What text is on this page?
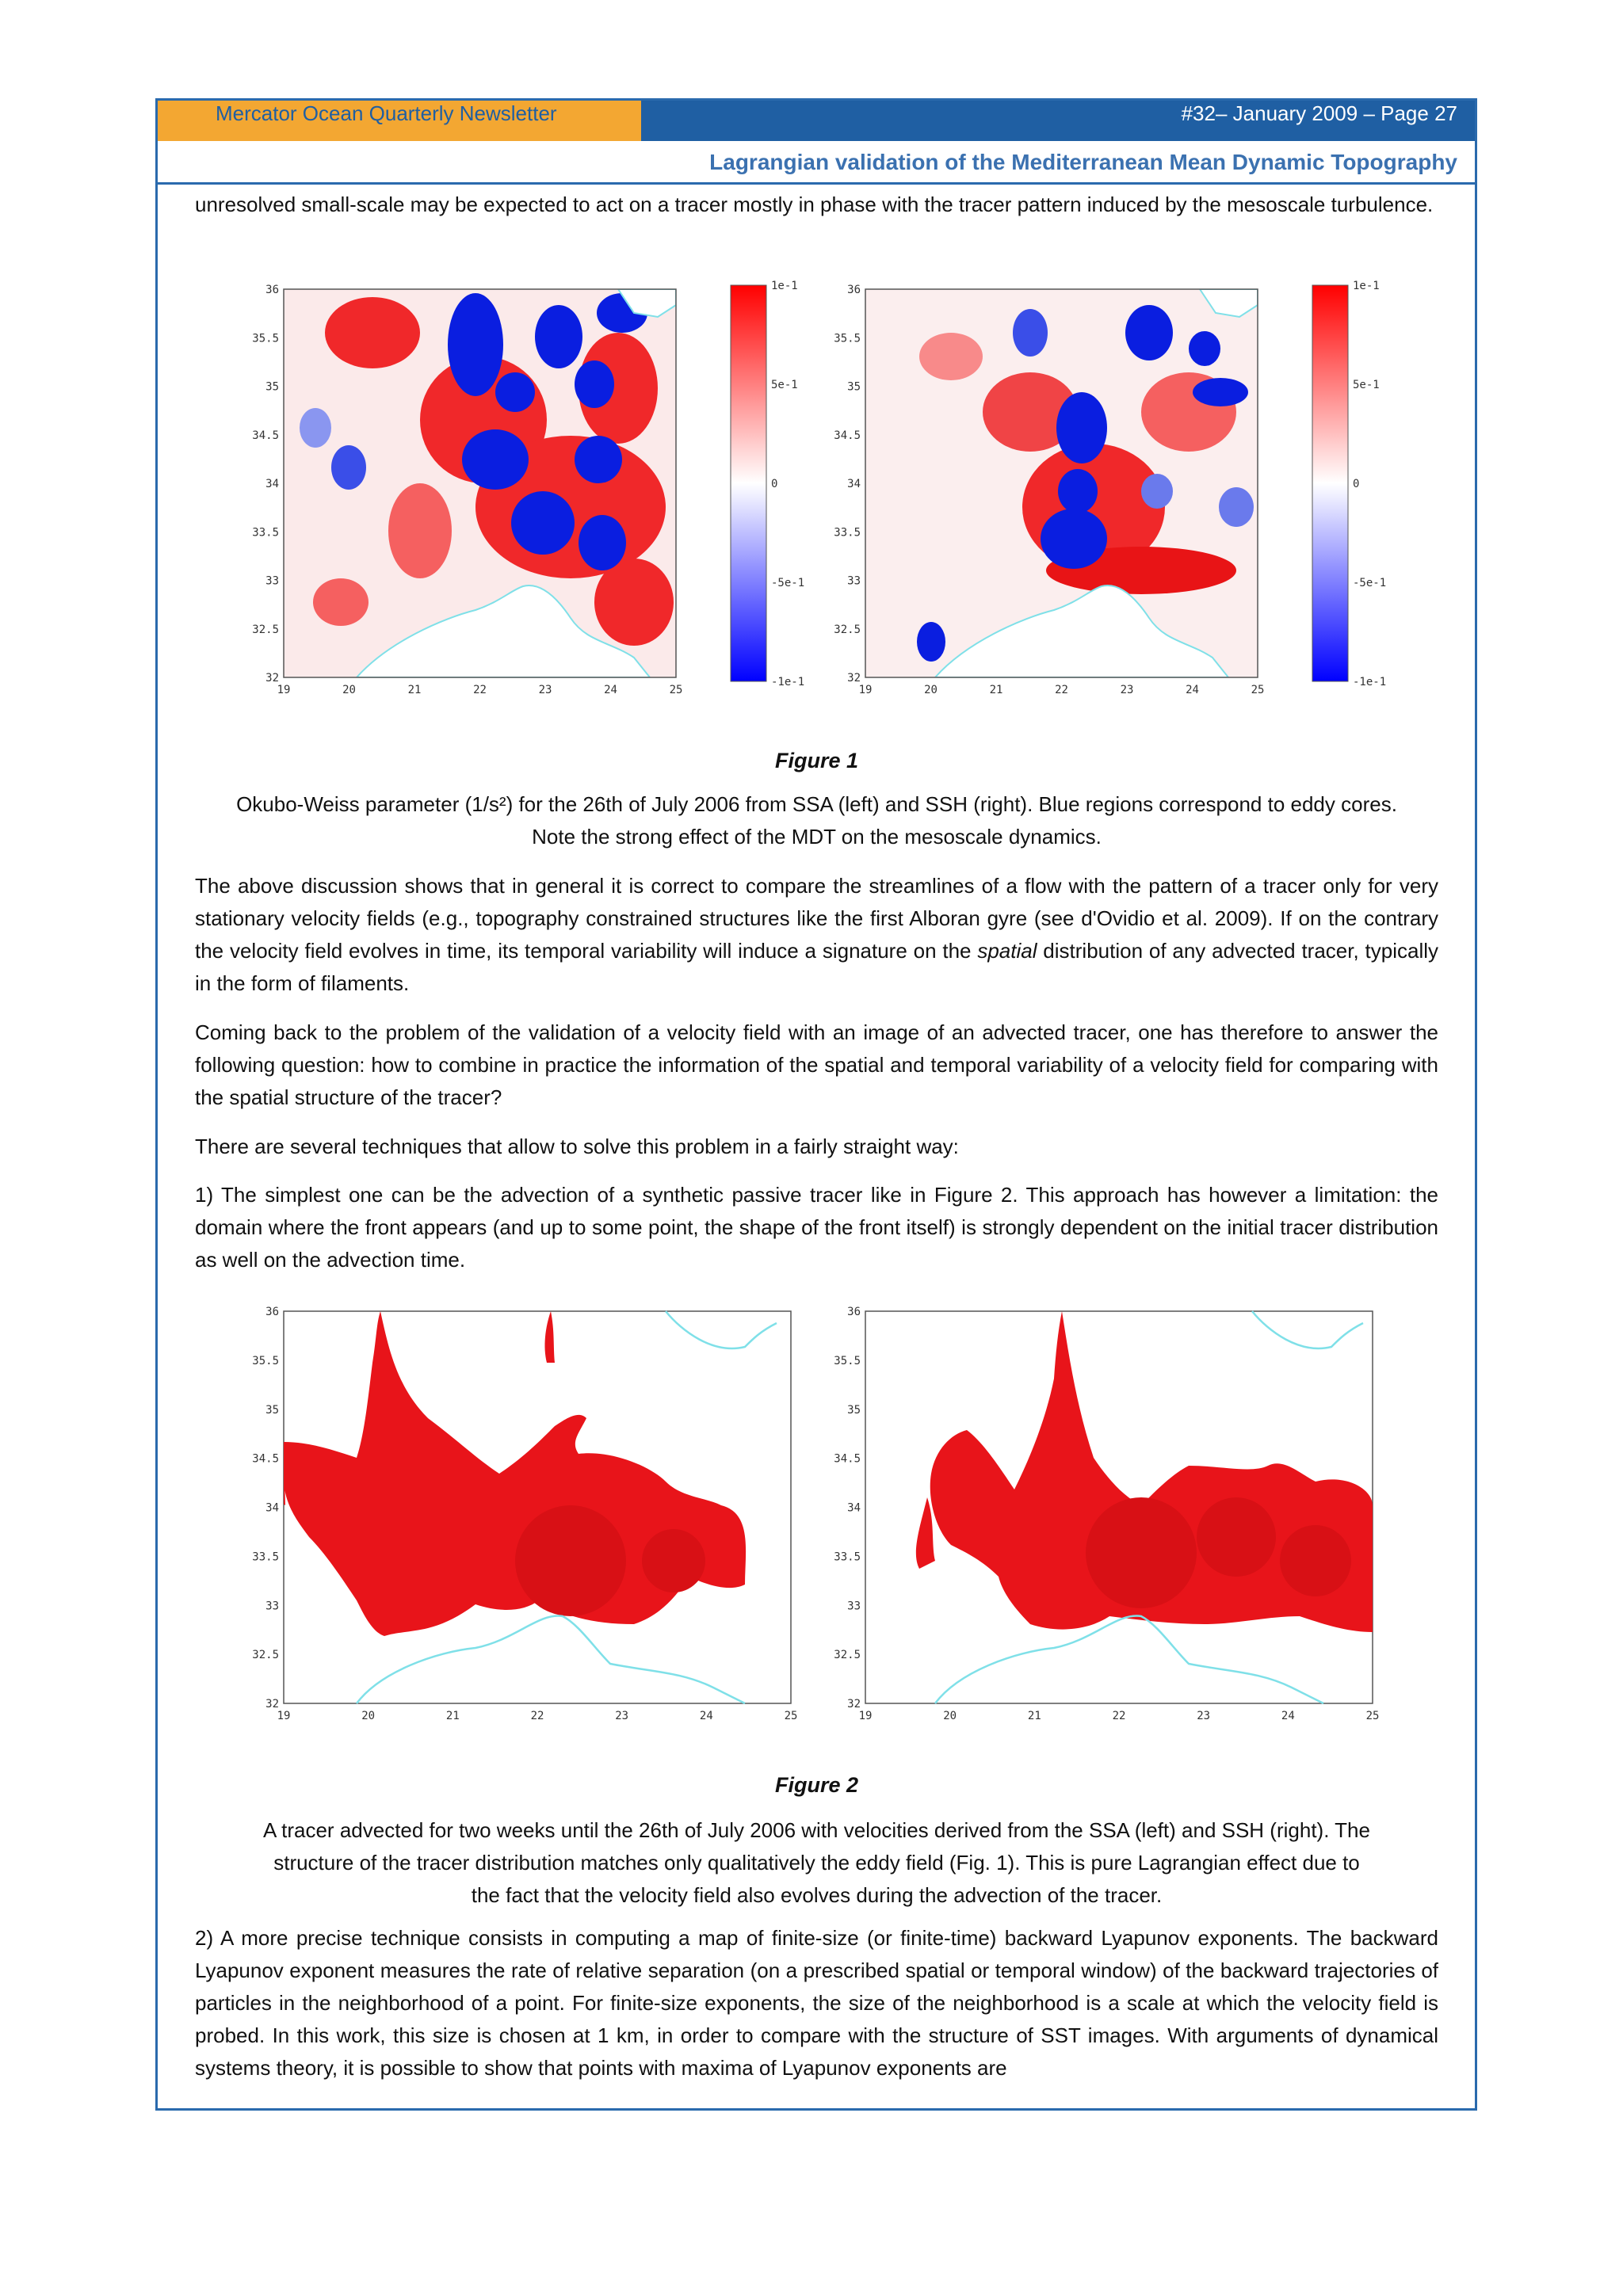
Mercator Ocean Quarterly Newsletter	#32– January 2009 – Page 27
Lagrangian validation of the Mediterranean Mean Dynamic Topography

unresolved small-scale may be expected to act on a tracer mostly in phase with the tracer pattern induced by the mesoscale turbulence.

19	20	21	22	23	24	25
36
35.5
35
34.5
34
33.5
33
32.5
32
19	20	21	22	23	24	25
36
35.5
35
34.5
34
33.5
33
32.5
32
1e-1	1e-1
5e-1	5e-1
0	0
-5e-1	-5e-1
-1e-1	-1e-1
Figure 1
Okubo-Weiss parameter (1/s²) for the 26th of July 2006 from SSA (left) and SSH (right). Blue regions correspond to eddy cores. Note the strong effect of the MDT on the mesoscale dynamics.

The above discussion shows that in general it is correct to compare the streamlines of a flow with the pattern of a tracer only for very stationary velocity fields (e.g., topography constrained structures like the first Alboran gyre (see d'Ovidio et al. 2009). If on the contrary the velocity field evolves in time, its temporal variability will induce a signature on the spatial distribution of any advected tracer, typically in the form of filaments.

Coming back to the problem of the validation of a velocity field with an image of an advected tracer, one has therefore to answer the following question: how to combine in practice the information of the spatial and temporal variability of a velocity field for comparing with the spatial structure of the tracer?

There are several techniques that allow to solve this problem in a fairly straight way:

1) The simplest one can be the advection of a synthetic passive tracer like in Figure 2. This approach has however a limitation: the domain where the front appears (and up to some point, the shape of the front itself) is strongly dependent on the initial tracer distribution as well on the advection time.

19	20	21	22	23	24	25
36
35.5
35
34.5
34
33.5
33
32.5
32
19	20	21	22	23	24	25
36
35.5
35
34.5
34
33.5
33
32.5
32
Figure 2
A tracer advected for two weeks until the 26th of July 2006 with velocities derived from the SSA (left) and SSH (right). The
structure of the tracer distribution matches only qualitatively the eddy field (Fig. 1). This is pure Lagrangian effect due to
the fact that the velocity field also evolves during the advection of the tracer.

2) A more precise technique consists in computing a map of finite-size (or finite-time) backward Lyapunov exponents. The backward Lyapunov exponent measures the rate of relative separation (on a prescribed spatial or temporal window) of the backward trajectories of particles in the neighborhood of a point. For finite-size exponents, the size of the neighborhood is a scale at which the velocity field is probed. In this work, this size is chosen at 1 km, in order to compare with the structure of SST images. With arguments of dynamical systems theory, it is possible to show that points with maxima of Lyapunov exponents are
